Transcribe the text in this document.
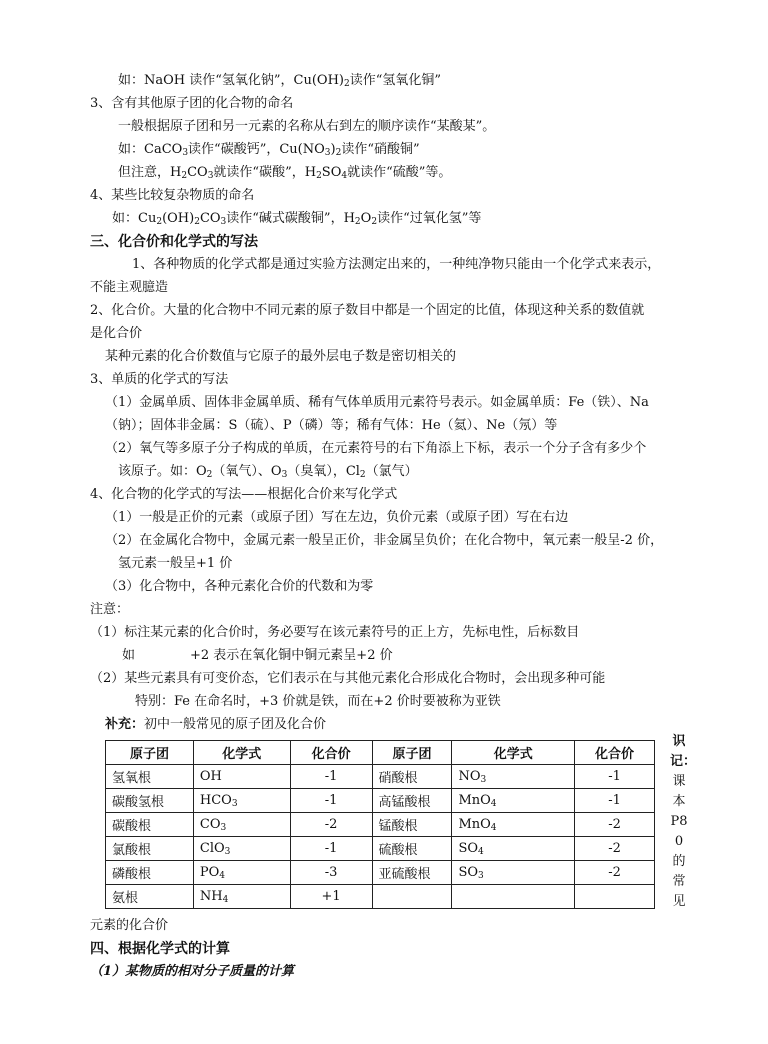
如：NaOH 读作“氢氧化钠”，$Cu(OH)_2$读作“氢氧化铜”
3、含有其他原子团的化合物的命名
一般根据原子团和另一元素的名称从右到左的顺序读作“某酸某”。
如：CaCO$_3$读作“碳酸钙”，$Cu(NO_3)_2$读作“硝酸铜”
但注意，$H_2CO_3$就读作“碳酸”，$H_2SO_4$就读作“硫酸”等。
4、某些比较复杂物质的命名
如：$Cu_2(OH)_2CO_3$读作“碱式碳酸铜”，$H_2O_2$读作“过氧化氢”等
三、化合价和化学式的写法
1、各种物质的化学式都是通过实验方法测定出来的，一种纯净物只能由一个化学式来表示，
不能主观臆造
2、化合价。大量的化合物中不同元素的原子数目中都是一个固定的比值，体现这种关系的数值就
是化合价
某种元素的化合价数值与它原子的最外层电子数是密切相关的
3、单质的化学式的写法
（1）金属单质、固体非金属单质、稀有气体单质用元素符号表示。如金属单质：Fe（铁）、Na
（钠）；固体非金属：S（硫）、P（磷）等；稀有气体：He（氦）、Ne（氖）等
（2）氧气等多原子分子构成的单质，在元素符号的右下角添上下标，表示一个分子含有多少个
该原子。如：$O_2$（氧气）、$O_3$（臭氧），$Cl_2$（氯气）
4、化合物的化学式的写法——根据化合价来写化学式
（1）一般是正价的元素（或原子团）写在左边，负价元素（或原子团）写在右边
（2）在金属化合物中，金属元素一般呈正价，非金属呈负价；在化合物中，氧元素一般呈-2 价，
氢元素一般呈+1 价
（3）化合物中，各种元素化合价的代数和为零
注意：
（1）标注某元素的化合价时，务必要写在该元素符号的正上方，先标电性，后标数目
如	+2 表示在氧化铜中铜元素呈+2 价
（2）某些元素具有可变价态，它们表示在与其他元素化合形成化合物时，会出现多种可能
特别：Fe 在命名时，+3 价就是铁，而在+2 价时要被称为亚铁
补充：初中一般常见的原子团及化合价
原子团	化学式	化合价	原子团	化学式	化合价
氢氧根	OH	-1	硝酸根	$NO_3$	-1
碳酸氢根	$HCO_3$	-1	高锰酸根	MnO$_4$	-1
碳酸根	$CO_3$	-2	锰酸根	MnO$_4$	-2
氯酸根	ClO$_3$	-1	硫酸根	$SO_4$	-2
磷酸根	$PO_4$	-3	亚硫酸根	$SO_3$	-2
氨根	$NH_4$	+1			
识记：课本P80的常见
元素的化合价
四、根据化学式的计算
（1）某物质的相对分子质量的计算
